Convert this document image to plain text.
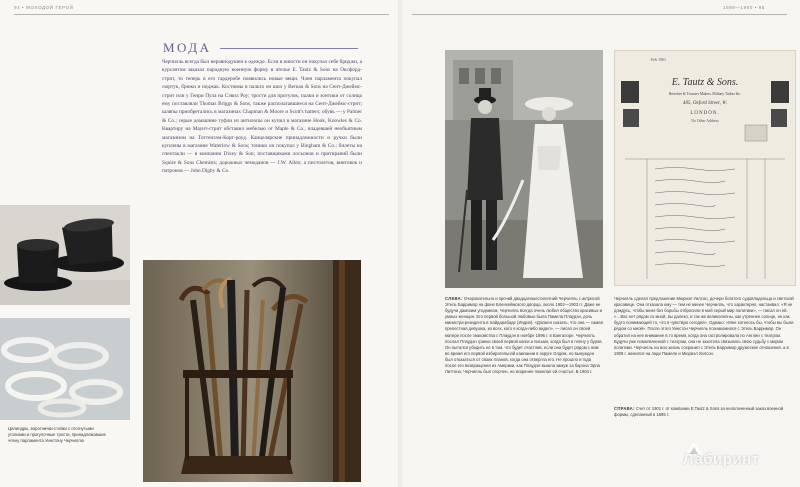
94 • МОЛОДОЙ ГЕРОЙ	1898—1900 • 95
МОДА
Черчилль всегда был неравнодушен к одежде. Если в юности он покупал себе бриджи, а курсантом заказал парадную военную форму в ателье E. Tautz & Sons на Оксфорд-стрит, то теперь в его гардеробе появились новые вещи. Член парламента покупал сюртук, брюки и пиджак. Костюмы и пальто он шил у Bernau & Sons на Сент-Джеймс-стрит или у Генри Пула на Сэвил Роу; трости для прогулок, палки и зонтики от солнца ему поставляли Thomas Briggs & Sons, также располагавшиеся на Сент-Джеймс-стрит; шляпы приобретались в магазинах Chapman & Moore и Scott's hatters; обувь — у Palmer & Co.; серые домашние туфли из антилопы он купил в магазине Hook, Knowles & Co. Квартиру на Маунт-стрит обставил мебелью от Maple & Co., владевшей необъятным магазином на Тоттенхэм-Корт-роуд. Канцелярские принадлежности и ручки были куплены в магазине Waterlow & Sons; тоники он покупал у Bingham & Co.; билеты на спектакли — в компании Dixey & Son; поставщиками лосьонов и притираний были Squire & Sons Chemists; дорожных чемоданов — J.W. Allen; а пистолетов, винтовок и патронов — John Digby & Co.
Цилиндры, воротнички-стойки с отогнутыми уголками и прогулочные трости, принадлежавшие члену парламента Уинстону Черчиллю
Feb 1901
E. Tautz & Sons.
Breeches & Trousers Makers, Military Tailors &c.
485, Oxford Street, W.
LONDON.
No Other Address
СЛЕВА: Очаровательно и прочий двадцатишестилетний Черчилль с актрисой Этель Барримор на фоне Бленхеймского дворца, около 1902—1903 гг. Даже не будучи дамским угодником, Черчилль всегда очень любил общество красивых и умных женщин. Его первой большой любовью была Памела Плаудэн, дочь министра-резидента в Хайдарабаде (Индия). «Должен сказать, что она — самая прелестная девушка, из всех, кого я когда-либо видел», — писал он своей матери после знакомства с Плаудэн в ноябре 1896 г. в Бангалоре. Черчилль послал Плаудэн гранки своей первой книги и письмо, когда был в плену у буров. Он пытался убедить ее в том, что будет счастлив, если она будет рядом с ним во время его первой избирательной кампании в округе Олдем, но вынужден был отказаться от своих планов, когда она отвергла его. Не прошло и года после его возвращения из Америки, как Плаудэн вышла замуж за барона Эрла Литтона. Черчилль был огорчен, но искренне пожелал ей счастья. В 1904 г.
Черчилль сделал предложение Мюриэл Уилсон, дочери богатого судовладельца и светской красавице. Она отказала ему — тем не менее Черчилль, что характерно, настаивал. «Я не дождусь, чтобы меня без борьбы отбросили в мой серый мир политики», — писал он ей. «…Вас нет рядом со мной, вы далеко, и так же великолепны, как утреннее солнце, но как будто понимающей то, что я чувствую сегодня». Однако: «Мне хотелось бы, чтобы вы были рядом со мной». После этого Уинстон Черчилль познакомился с Этель Барримор. Он обратил на нее внимание в то время, когда она гастролировала по Англии с театром. Будучи уже помолвленной с театром, она не захотела связывать свою судьбу с миром политики. Черчилль на всю жизнь сохранил с Этель Барримор дружеские отношения, а в 1908 г. женился на леди Памеле и Мюриэл Уилсон.
СПРАВА: Счет от 1901 г. от компании E.Tautz & Sons за неоплаченный заказ военной формы, сделанный в 1895 г.
Лабиринт
